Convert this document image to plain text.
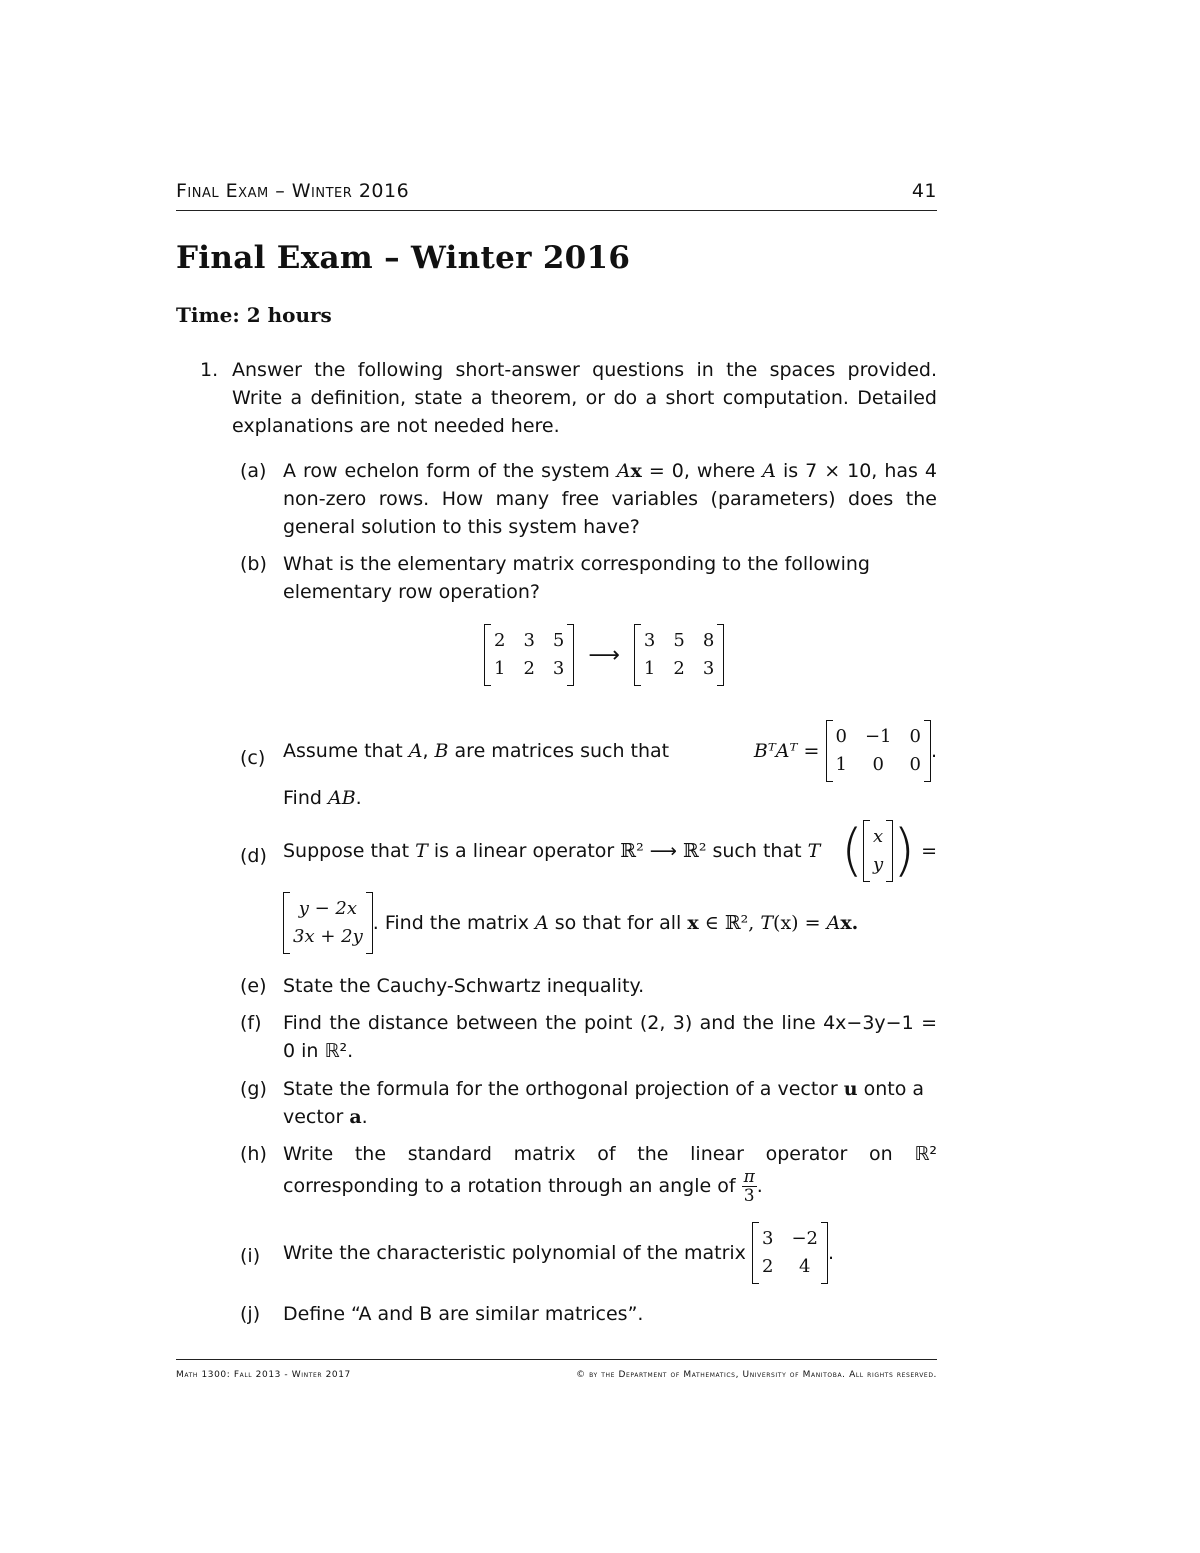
Final Exam – Winter 2016	41
Final Exam – Winter 2016
Time: 2 hours
1. Answer the following short-answer questions in the spaces provided. Write a definition, state a theorem, or do a short computation. Detailed explanations are not needed here.
(a) A row echelon form of the system Ax = 0, where A is 7 × 10, has 4 non-zero rows. How many free variables (parameters) does the general solution to this system have?
(b) What is the elementary matrix corresponding to the following elementary row operation?
2 3 5
1 2 3
⟶
3 5 8
1 2 3
(c) Assume that A, B are matrices such that	BᵀAᵀ =
0 −1 0
1	0	0
.
Find AB.
(d) Suppose that T is a linear operator ℝ² ⟶ ℝ² such that T ( x
y ) =
y − 2x
3x + 2y
. Find the matrix A so that for all x ∈ ℝ², T(x) = Ax.
(e) State the Cauchy-Schwartz inequality.
(f) Find the distance between the point (2, 3) and the line 4x−3y−1 = 0 in ℝ².
(g) State the formula for the orthogonal projection of a vector u onto a vector a.
(h) Write the standard matrix of the linear operator on ℝ² corresponding to a rotation through an angle of $\frac{\pi}{3}$ .
(i) Write the characteristic polynomial of the matrix
3 −2
2	4
.
(j) Define “A and B are similar matrices”.
Math 1300: Fall 2013 - Winter 2017	© by the Department of Mathematics, University of Manitoba. All rights reserved.
